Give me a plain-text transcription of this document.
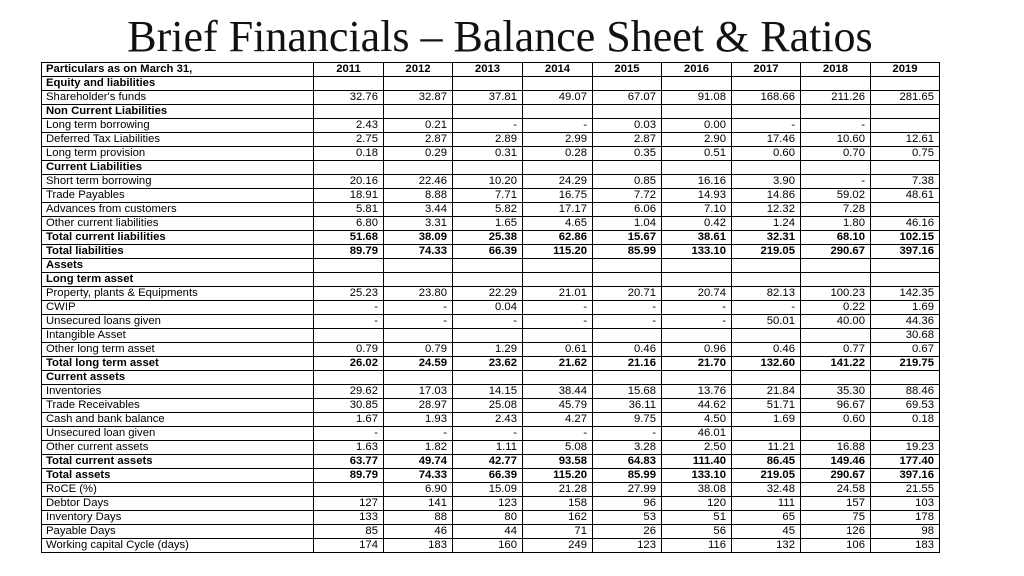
Brief Financials – Balance Sheet & Ratios
Particulars as on March 31,	2011	2012	2013	2014	2015	2016	2017	2018	2019
Equity and liabilities									
Shareholder's funds	32.76	32.87	37.81	49.07	67.07	91.08	168.66	211.26	281.65
Non Current Liabilities									
Long term borrowing	2.43	0.21	-	-	0.03	0.00	-	-	
Deferred Tax Liabilities	2.75	2.87	2.89	2.99	2.87	2.90	17.46	10.60	12.61
Long term provision	0.18	0.29	0.31	0.28	0.35	0.51	0.60	0.70	0.75
Current Liabilities									
Short term borrowing	20.16	22.46	10.20	24.29	0.85	16.16	3.90	-	7.38
Trade Payables	18.91	8.88	7.71	16.75	7.72	14.93	14.86	59.02	48.61
Advances from customers	5.81	3.44	5.82	17.17	6.06	7.10	12.32	7.28	
Other current liabilities	6.80	3.31	1.65	4.65	1.04	0.42	1.24	1.80	46.16
Total current liabilities	51.68	38.09	25.38	62.86	15.67	38.61	32.31	68.10	102.15
Total liabilities	89.79	74.33	66.39	115.20	85.99	133.10	219.05	290.67	397.16
Assets									
Long term asset									
Property, plants & Equipments	25.23	23.80	22.29	21.01	20.71	20.74	82.13	100.23	142.35
CWIP	-	-	0.04	-	-	-	-	0.22	1.69
Unsecured loans given	-	-	-	-	-	-	50.01	40.00	44.36
Intangible Asset									30.68
Other long term asset	0.79	0.79	1.29	0.61	0.46	0.96	0.46	0.77	0.67
Total long term asset	26.02	24.59	23.62	21.62	21.16	21.70	132.60	141.22	219.75
Current assets									
Inventories	29.62	17.03	14.15	38.44	15.68	13.76	21.84	35.30	88.46
Trade Receivables	30.85	28.97	25.08	45.79	36.11	44.62	51.71	96.67	69.53
Cash and bank balance	1.67	1.93	2.43	4.27	9.75	4.50	1.69	0.60	0.18
Unsecured loan given	-	-	-	-	-	46.01			
Other current assets	1.63	1.82	1.11	5.08	3.28	2.50	11.21	16.88	19.23
Total current assets	63.77	49.74	42.77	93.58	64.83	111.40	86.45	149.46	177.40
Total assets	89.79	74.33	66.39	115.20	85.99	133.10	219.05	290.67	397.16
RoCE (%)		6.90	15.09	21.28	27.99	38.08	32.48	24.58	21.55
Debtor Days	127	141	123	158	96	120	111	157	103
Inventory Days	133	88	80	162	53	51	65	75	178
Payable Days	85	46	44	71	26	56	45	126	98
Working capital Cycle (days)	174	183	160	249	123	116	132	106	183
